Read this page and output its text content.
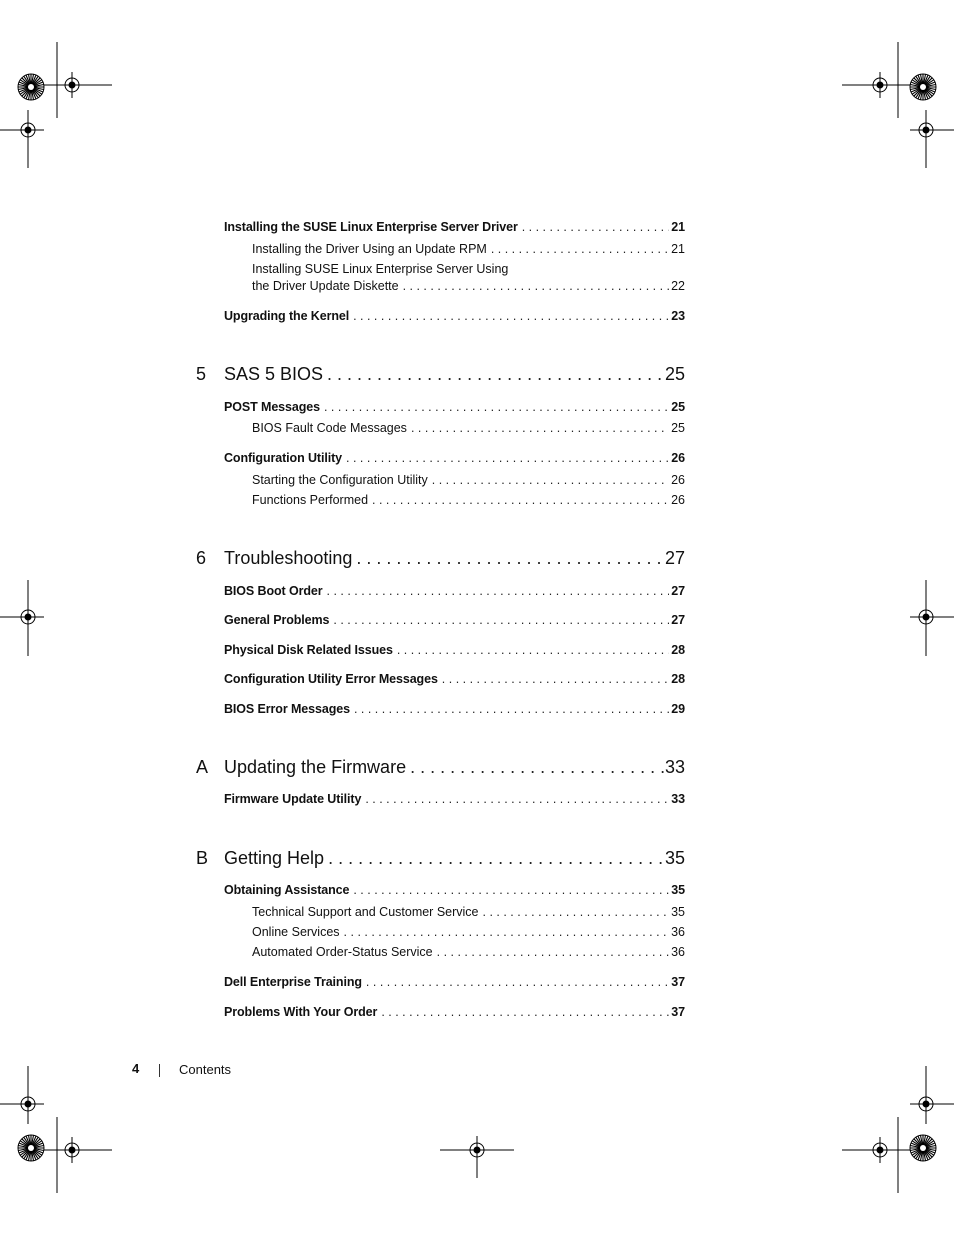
Installing the SUSE Linux Enterprise Server Driver . . .	21
Installing the Driver Using an Update RPM . . .	21
Installing SUSE Linux Enterprise Server Using
the Driver Update Diskette . . .	22
Upgrading the Kernel . . .	23
5 SAS 5 BIOS . . .	25
POST Messages . . .	25
BIOS Fault Code Messages . . .	25
Configuration Utility . . .	26
Starting the Configuration Utility . . .	26
Functions Performed . . .	26
6 Troubleshooting . . .	27
BIOS Boot Order . . .	27
General Problems . . .	27
Physical Disk Related Issues . . .	28
Configuration Utility Error Messages . . .	28
BIOS Error Messages . . .	29
A Updating the Firmware . . .	33
Firmware Update Utility . . .	33
B Getting Help . . .	35
Obtaining Assistance . . .	35
Technical Support and Customer Service . . .	35
Online Services . . .	36
Automated Order-Status Service . . .	36
Dell Enterprise Training . . .	37
Problems With Your Order . . .	37
4	Contents
